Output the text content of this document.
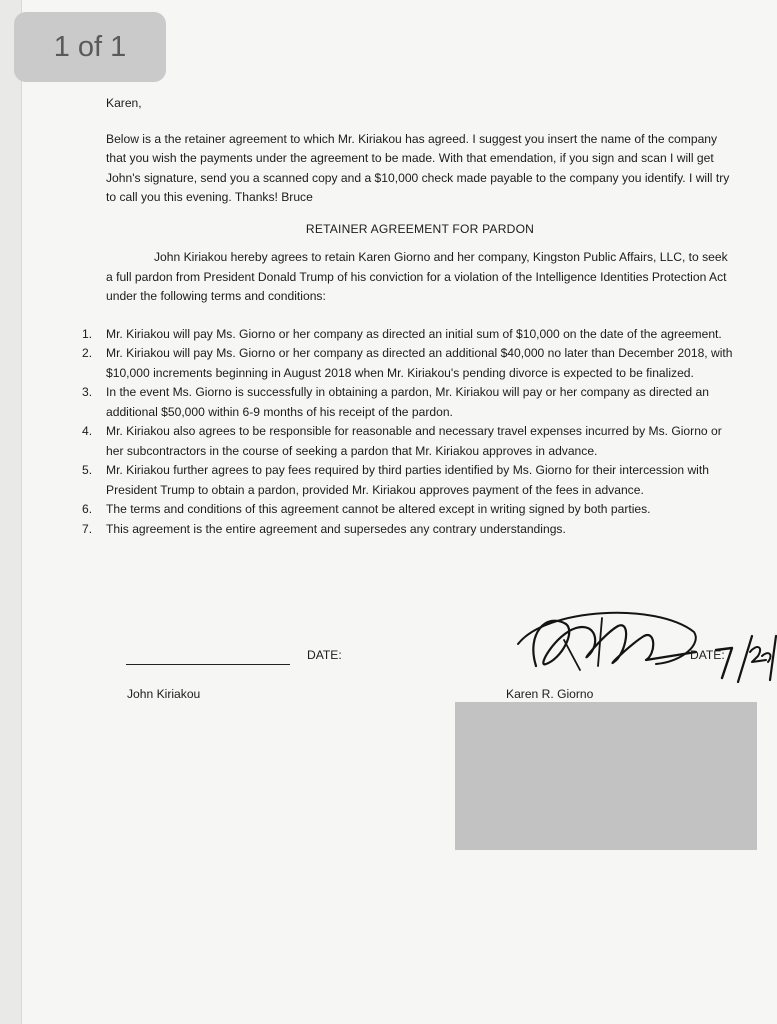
Karen,

Below is a the retainer agreement to which Mr. Kiriakou has agreed. I suggest you insert the name of the company that you wish the payments under the agreement to be made. With that emendation, if you sign and scan I will get John's signature, send you a scanned copy and a $10,000 check made payable to the company you identify. I will try to call you this evening. Thanks! Bruce

RETAINER AGREEMENT FOR PARDON

John Kiriakou hereby agrees to retain Karen Giorno and her company, Kingston Public Affairs, LLC, to seek a full pardon from President Donald Trump of his conviction for a violation of the Intelligence Identities Protection Act under the following terms and conditions:

1. Mr. Kiriakou will pay Ms. Giorno or her company as directed an initial sum of $10,000 on the date of the agreement.
2. Mr. Kiriakou will pay Ms. Giorno or her company as directed an additional $40,000 no later than December 2018, with $10,000 increments beginning in August 2018 when Mr. Kiriakou's pending divorce is expected to be finalized.
3. In the event Ms. Giorno is successfully in obtaining a pardon, Mr. Kiriakou will pay or her company as directed an additional $50,000 within 6-9 months of his receipt of the pardon.
4. Mr. Kiriakou also agrees to be responsible for reasonable and necessary travel expenses incurred by Ms. Giorno or her subcontractors in the course of seeking a pardon that Mr. Kiriakou approves in advance.
5. Mr. Kiriakou further agrees to pay fees required by third parties identified by Ms. Giorno for their intercession with President Trump to obtain a pardon, provided Mr. Kiriakou approves payment of the fees in advance.
6. The terms and conditions of this agreement cannot be altered except in writing signed by both parties.
7. This agreement is the entire agreement and supersedes any contrary understandings.
DATE:	DATE:
John Kiriakou	Karen R. Giorno
1 of 1
